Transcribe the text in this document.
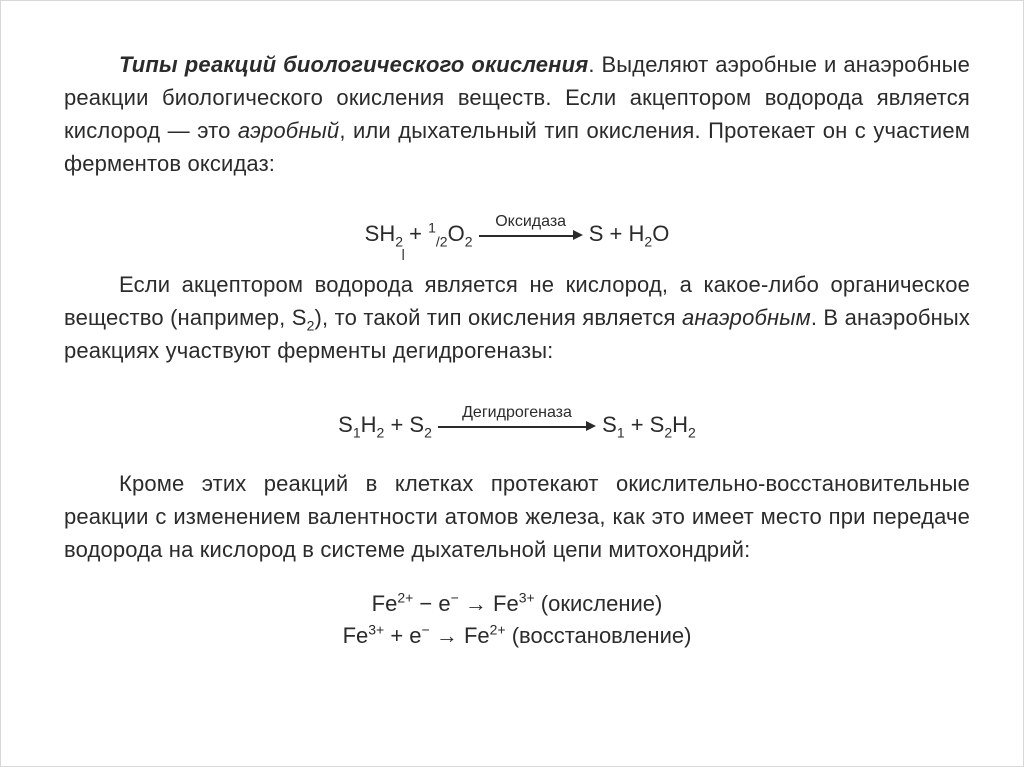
Типы реакций биологического окисления. Выделяют аэробные и анаэробные реакции биологического окисления веществ. Если акцептором водорода является кислород — это аэробный, или дыхательный тип окисления. Протекает он с участием ферментов оксидаз:

$SH_2 + ^1_{/2}O_2$
Оксидаза	$S + H_2O$
I

Если акцептором водорода является не кислород, а какое-либо органическое вещество (например, $S_2$), то такой тип окисления является анаэробным. В анаэробных реакциях участвуют ферменты дегидрогеназы:

$S_1H_2 + S_2$
Дегидрогеназа	$S_1 + S_2H_2$

Кроме этих реакций в клетках протекают окислительно-восстановительные реакции с изменением валентности атомов железа, как это имеет место при передаче водорода на кислород в системе дыхательной цепи митохондрий:

$Fe^{2+} - e^- \to Fe^{3+}$ (окисление)
$Fe^{3+} + e^- \to Fe^{2+}$ (восстановление)
